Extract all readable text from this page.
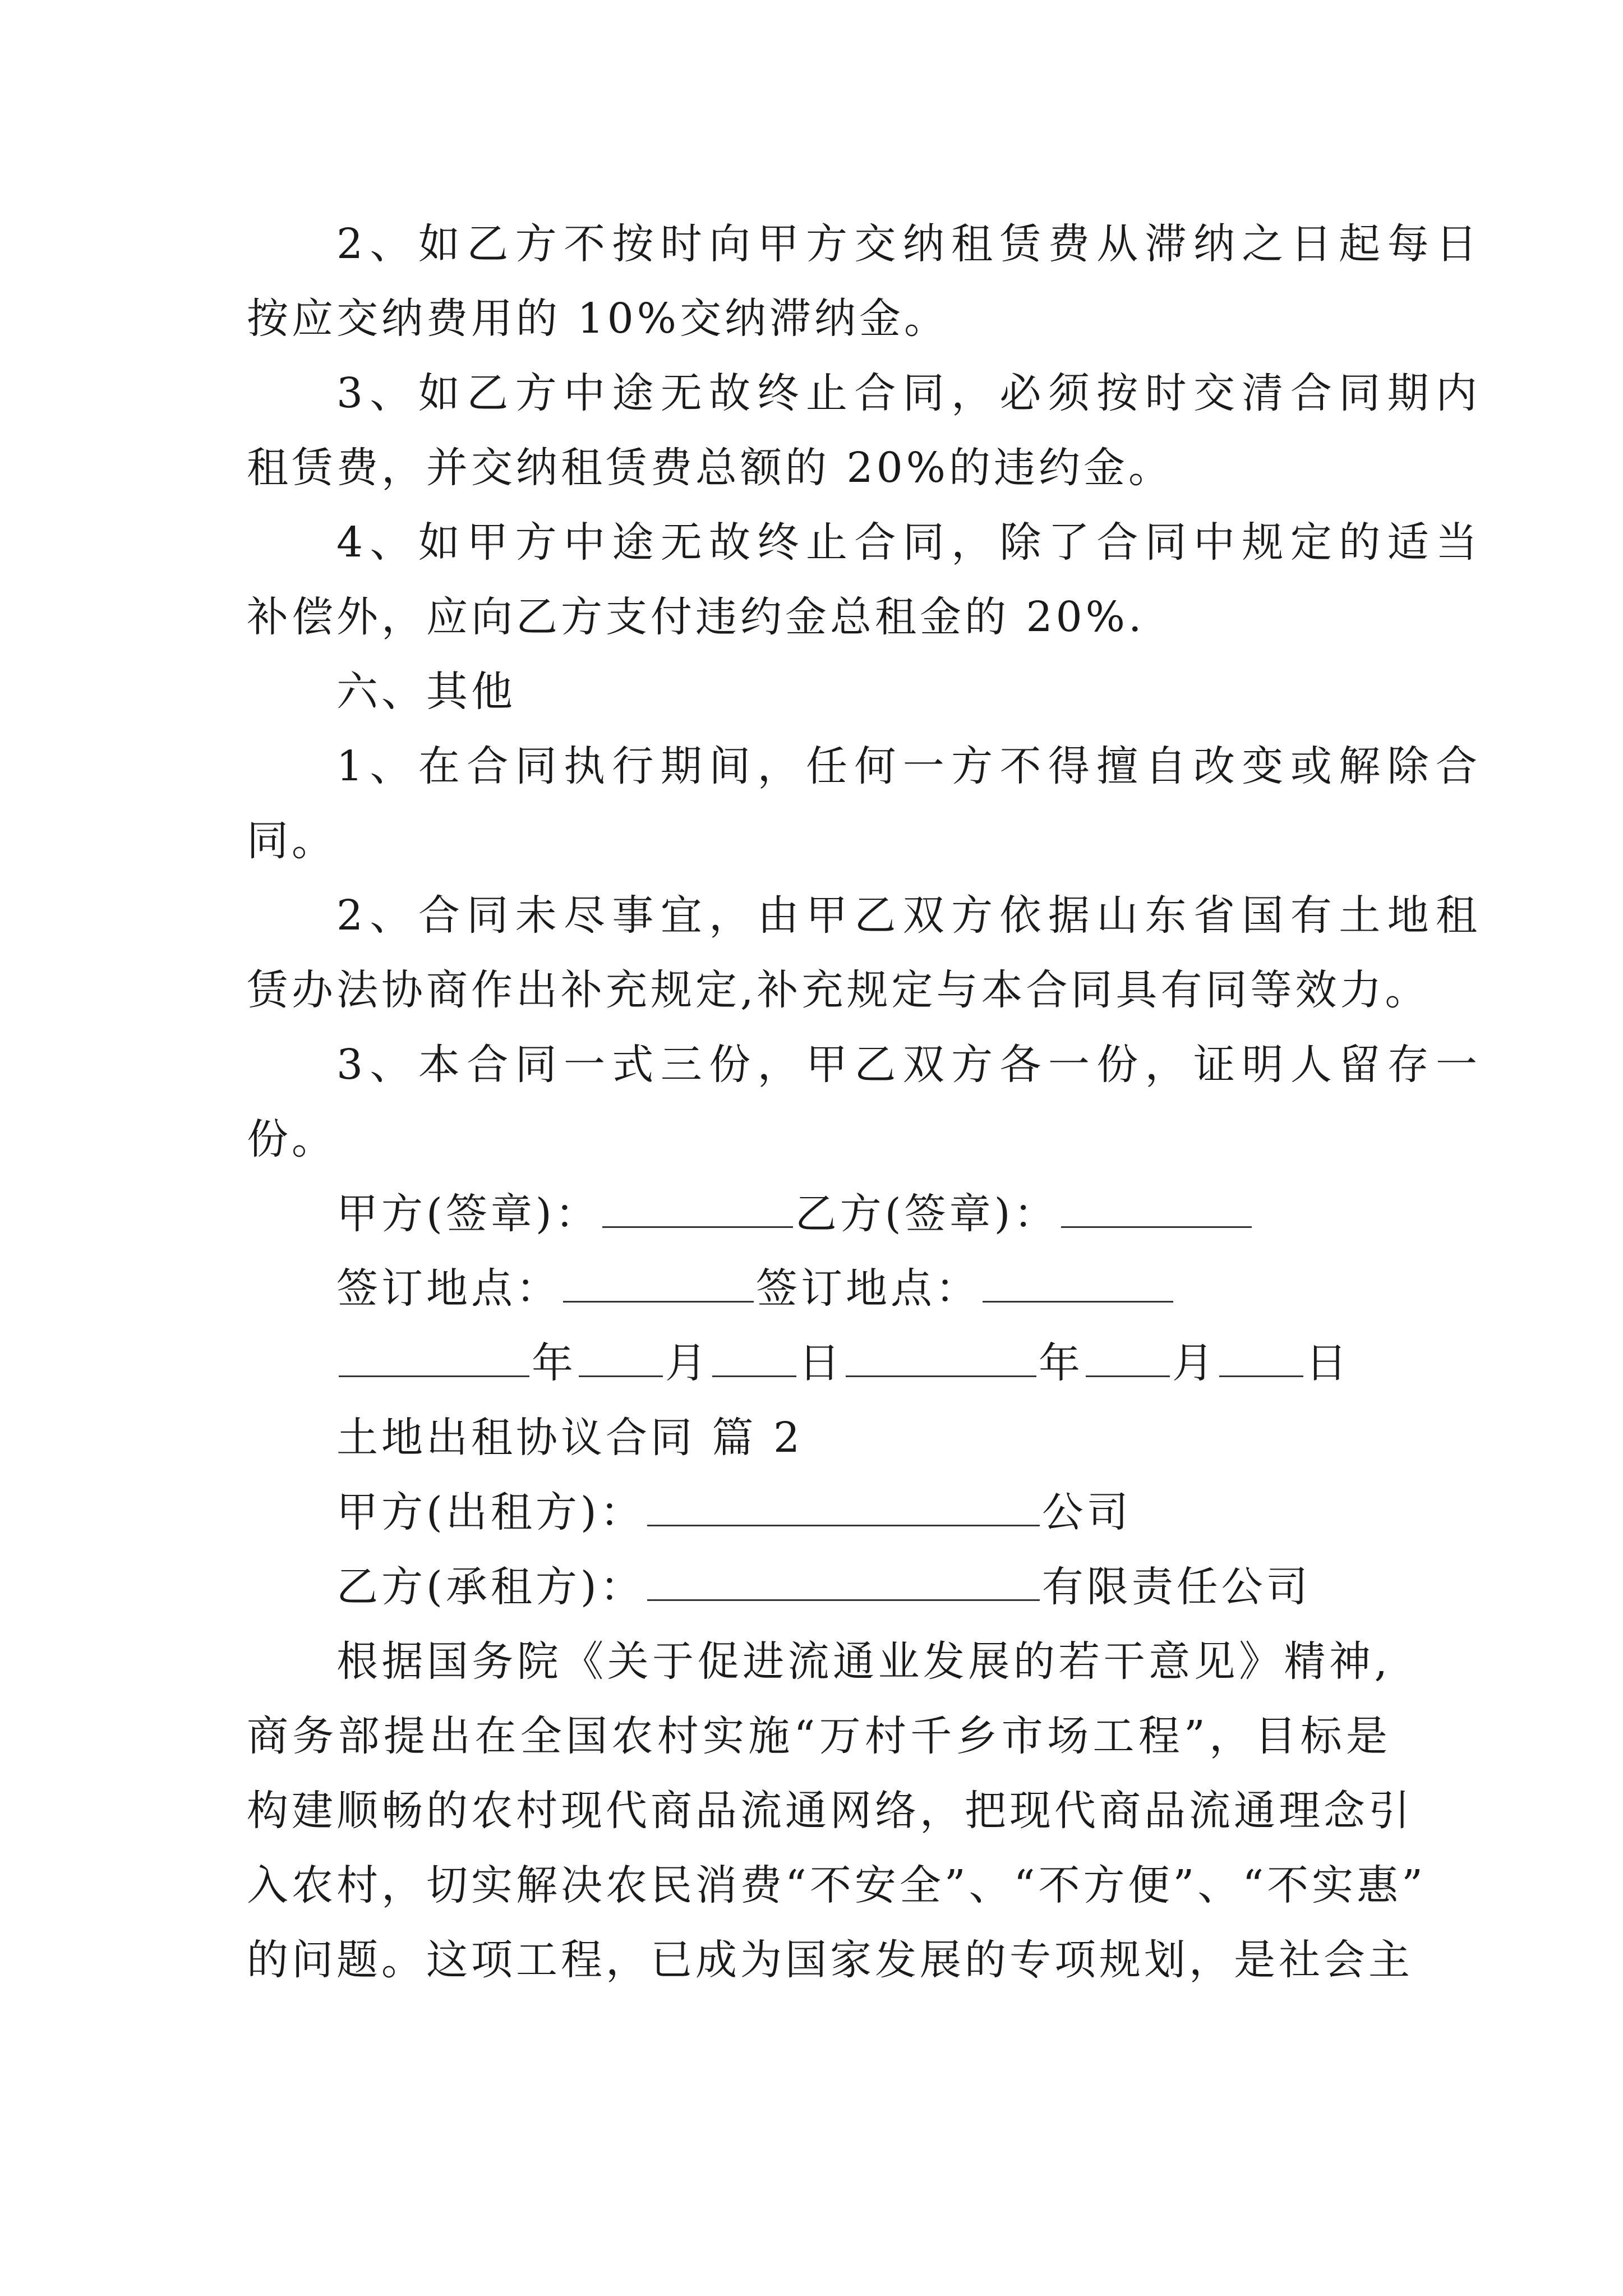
2、如乙方不按时向甲方交纳租赁费从滞纳之日起每日
按应交纳费用的 10%交纳滞纳金。
3、如乙方中途无故终止合同，必须按时交清合同期内
租赁费，并交纳租赁费总额的 20%的违约金。
4、如甲方中途无故终止合同，除了合同中规定的适当
补偿外，应向乙方支付违约金总租金的 20%.
六、其他
1、在合同执行期间，任何一方不得擅自改变或解除合
同。
2、合同未尽事宜，由甲乙双方依据山东省国有土地租
赁办法协商作出补充规定,补充规定与本合同具有同等效力。
3、本合同一式三份，甲乙双方各一份，证明人留存一
份。
甲方(签章)：	乙方(签章)：
签订地点：	签订地点：
年 月 日	年 月 日
土地出租协议合同 篇 2
甲方(出租方)：	公司
乙方(承租方)：	有限责任公司
根据国务院《关于促进流通业发展的若干意见》精神,
商务部提出在全国农村实施“万村千乡市场工程”，目标是
构建顺畅的农村现代商品流通网络，把现代商品流通理念引
入农村，切实解决农民消费“不安全”、“不方便”、“不实惠”
的问题。这项工程，已成为国家发展的专项规划，是社会主
